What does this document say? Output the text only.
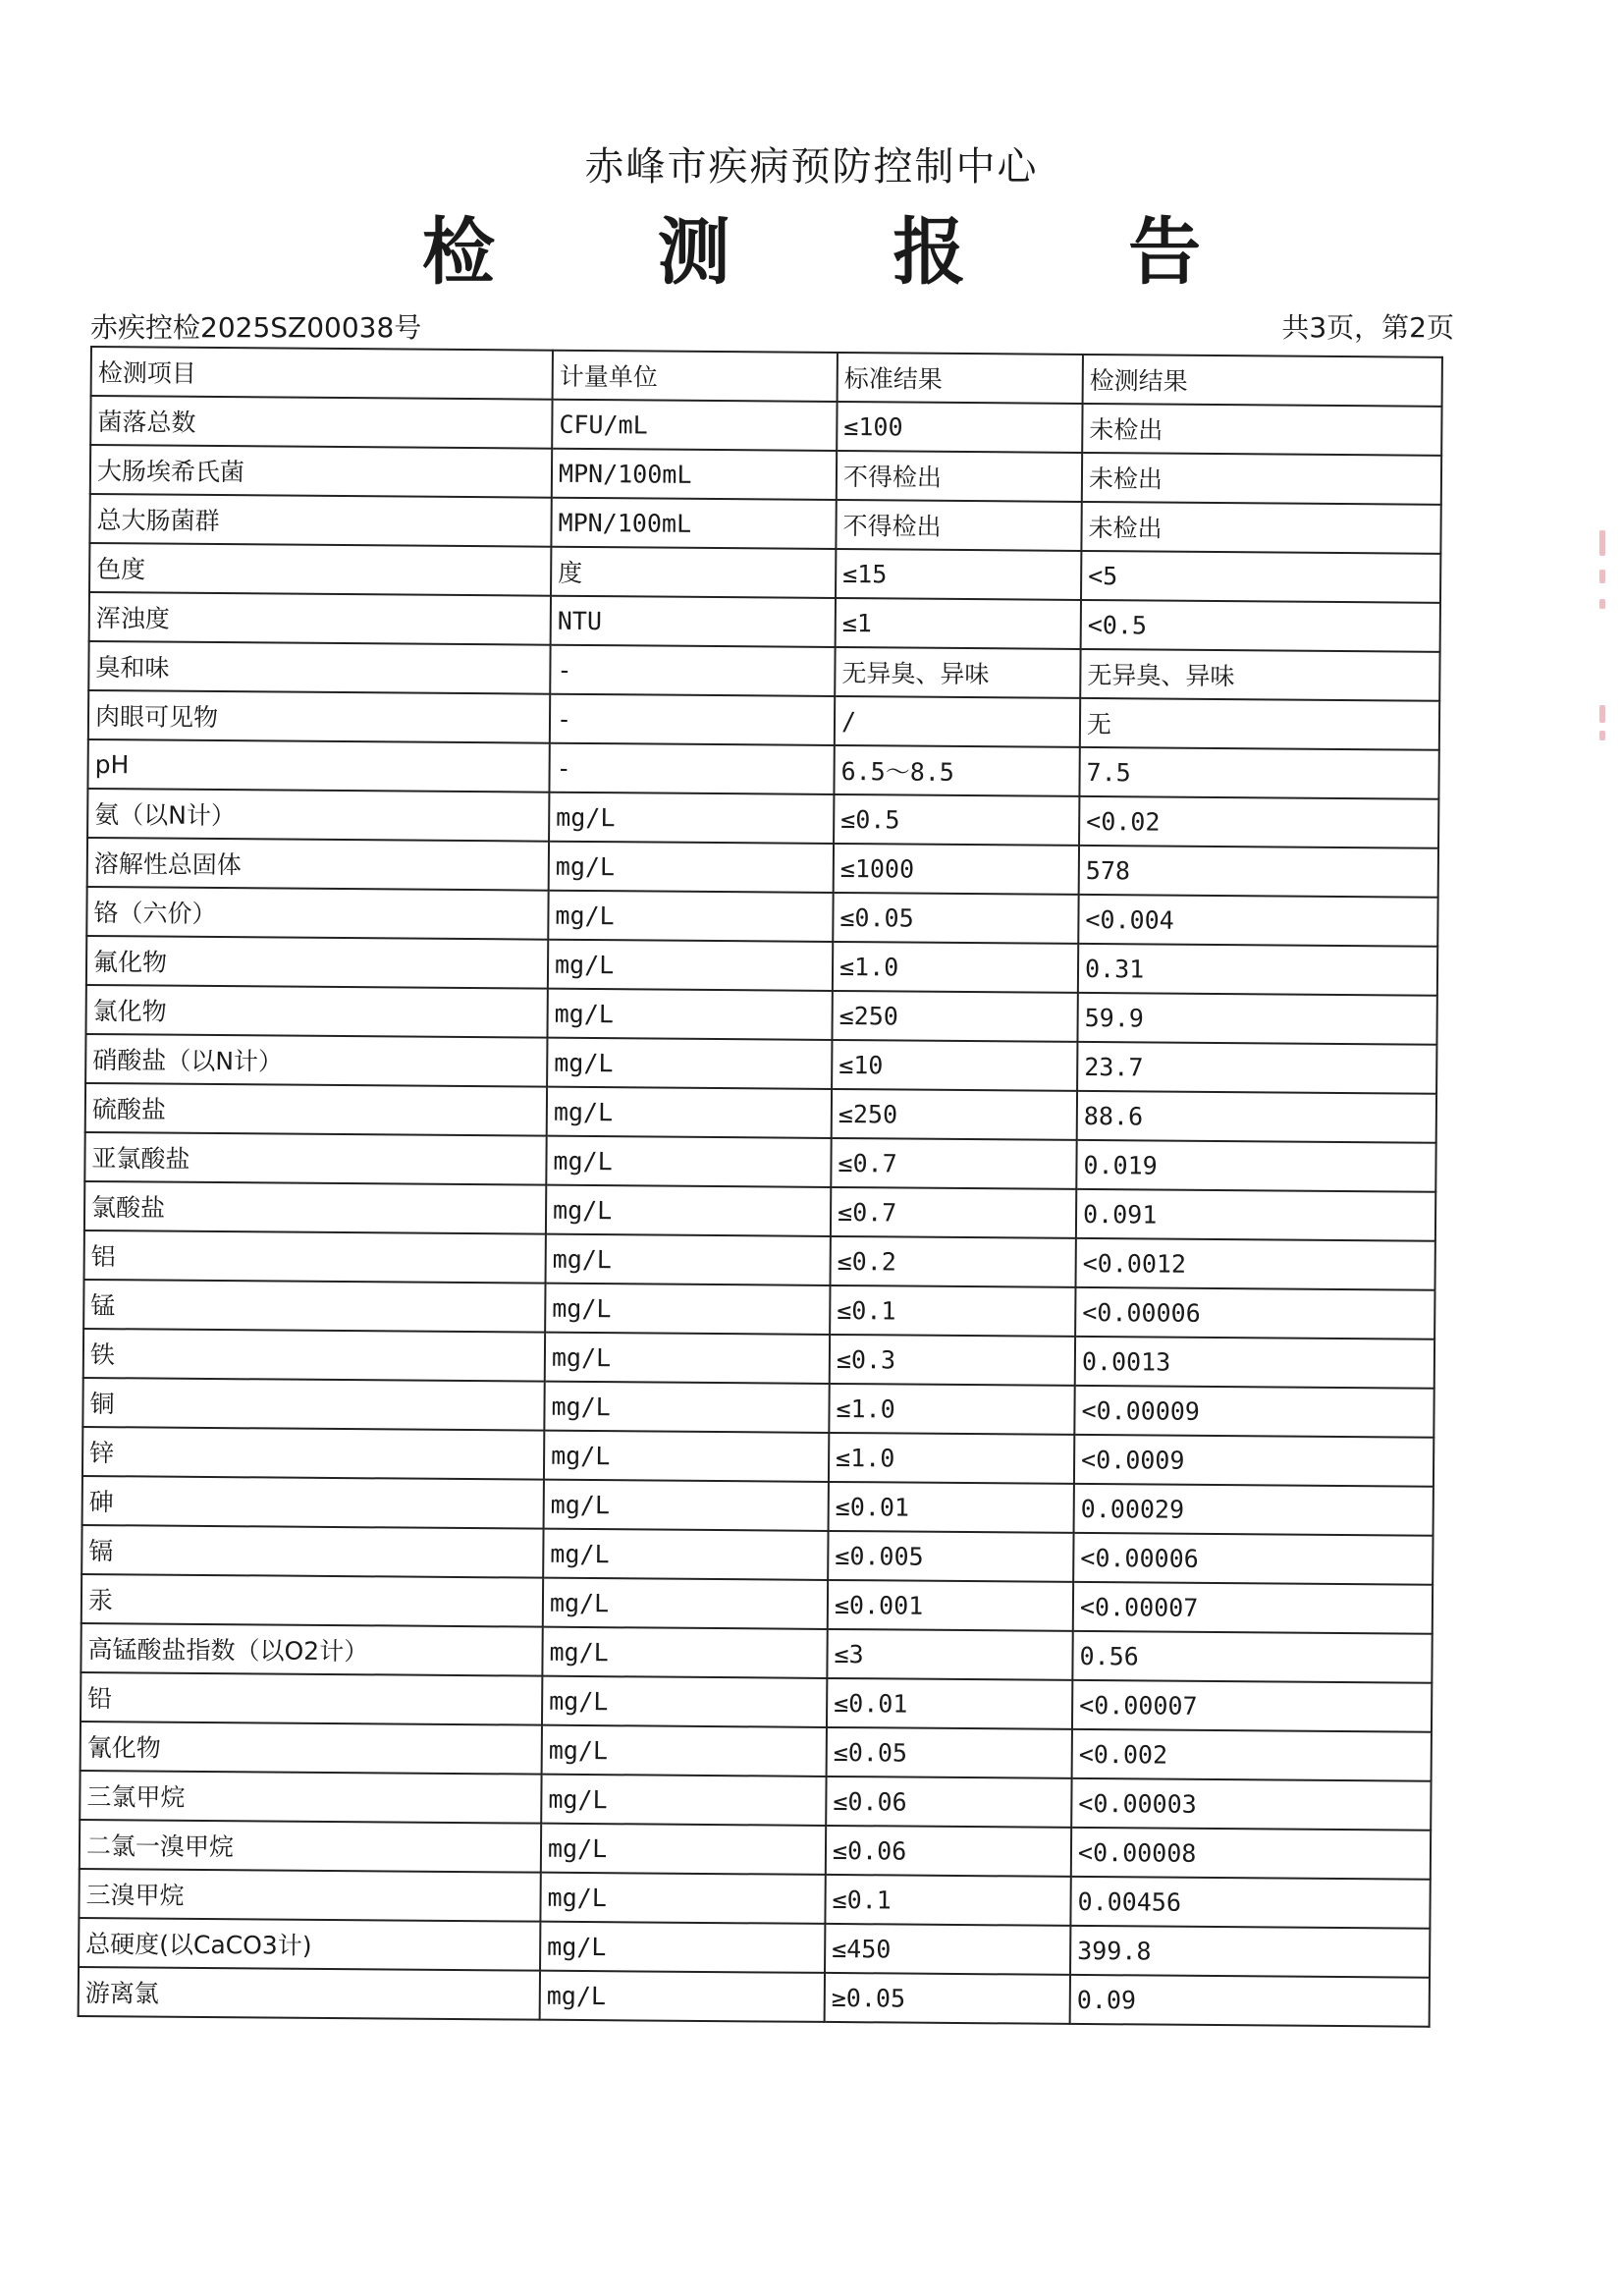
赤峰市疾病预防控制中心
检 测 报 告
赤疾控检2025SZ00038号	共3页，第2页
检测项目	计量单位	标准结果	检测结果
菌落总数	CFU/mL	≤100	未检出
大肠埃希氏菌	MPN/100mL	不得检出	未检出
总大肠菌群	MPN/100mL	不得检出	未检出
色度	度	≤15	<5
浑浊度	NTU	≤1	<0.5
臭和味	-	无异臭、异味	无异臭、异味
肉眼可见物	-	/	无
pH	-	6.5～8.5	7.5
氨（以N计）	mg/L	≤0.5	<0.02
溶解性总固体	mg/L	≤1000	578
铬（六价）	mg/L	≤0.05	<0.004
氟化物	mg/L	≤1.0	0.31
氯化物	mg/L	≤250	59.9
硝酸盐（以N计）	mg/L	≤10	23.7
硫酸盐	mg/L	≤250	88.6
亚氯酸盐	mg/L	≤0.7	0.019
氯酸盐	mg/L	≤0.7	0.091
铝	mg/L	≤0.2	<0.0012
锰	mg/L	≤0.1	<0.00006
铁	mg/L	≤0.3	0.0013
铜	mg/L	≤1.0	<0.00009
锌	mg/L	≤1.0	<0.0009
砷	mg/L	≤0.01	0.00029
镉	mg/L	≤0.005	<0.00006
汞	mg/L	≤0.001	<0.00007
高锰酸盐指数（以O2计）	mg/L	≤3	0.56
铅	mg/L	≤0.01	<0.00007
氰化物	mg/L	≤0.05	<0.002
三氯甲烷	mg/L	≤0.06	<0.00003
二氯一溴甲烷	mg/L	≤0.06	<0.00008
三溴甲烷	mg/L	≤0.1	0.00456
总硬度(以CaCO3计)	mg/L	≤450	399.8
游离氯	mg/L	≥0.05	0.09
